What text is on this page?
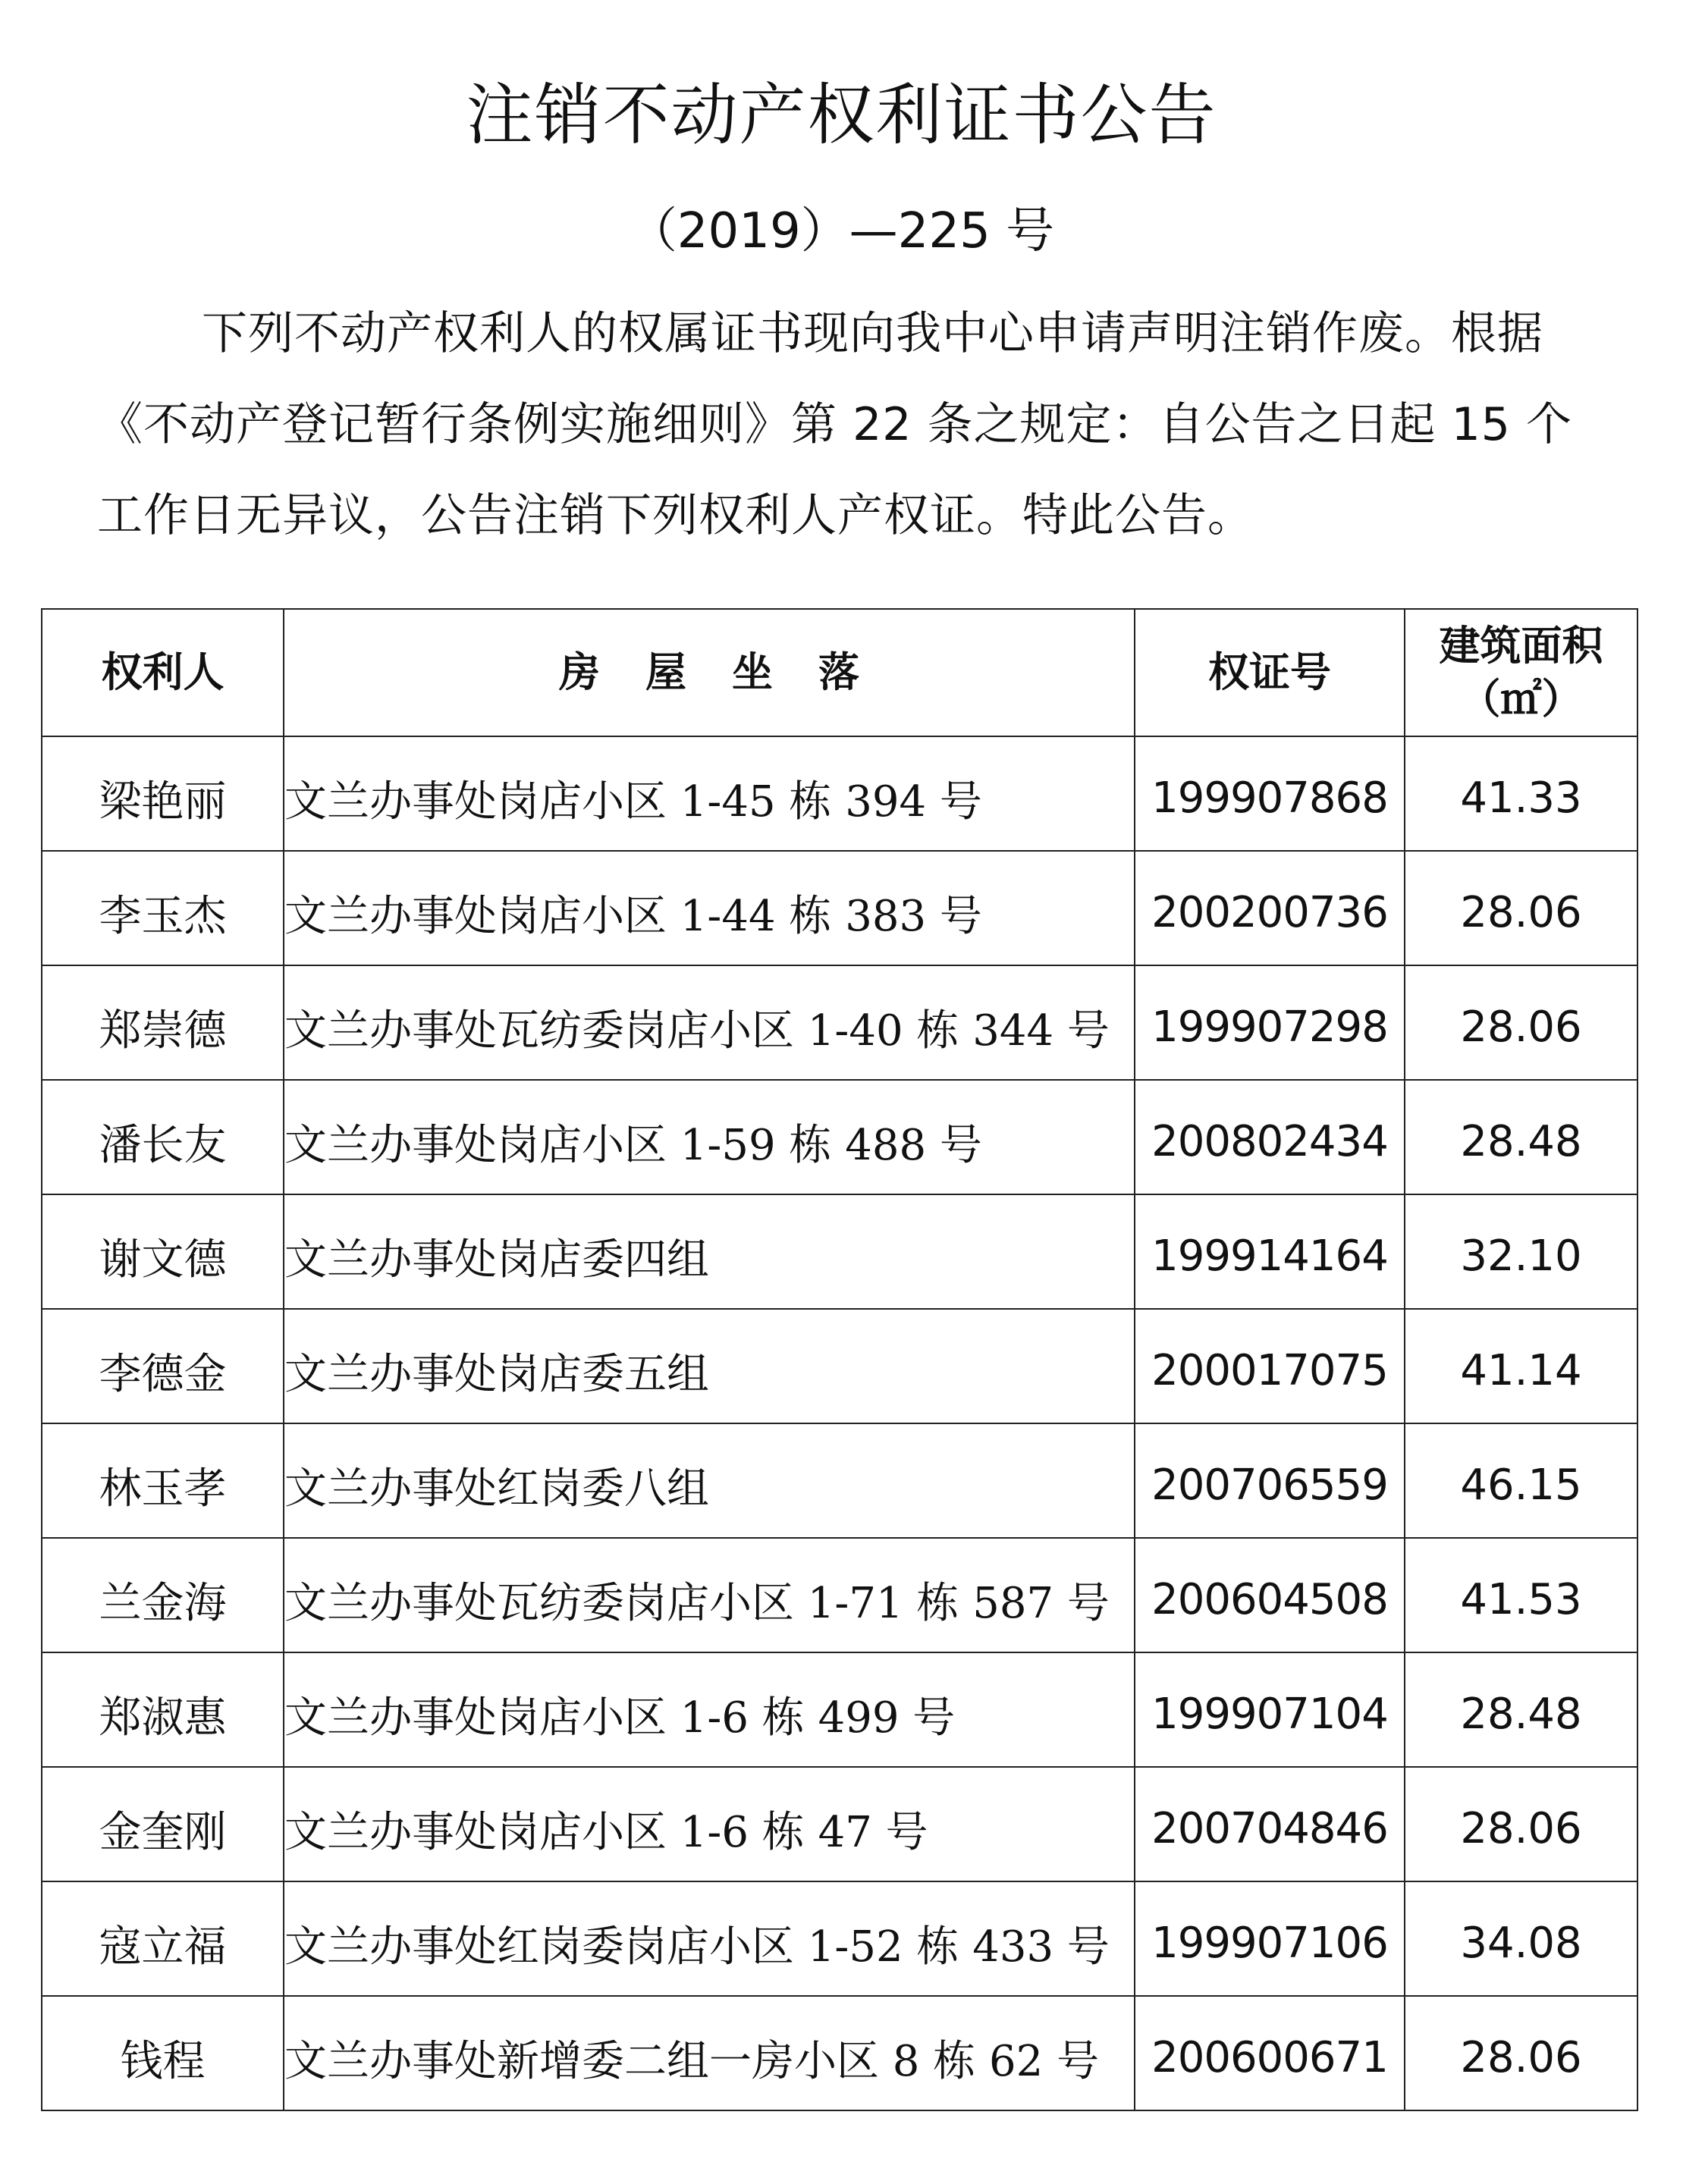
注销不动产权利证书公告
（2019）—225 号
下列不动产权利人的权属证书现向我中心申请声明注销作废。根据《不动产登记暂行条例实施细则》第 22 条之规定：自公告之日起 15 个工作日无异议，公告注销下列权利人产权证。特此公告。
权利人	房屋坐落	权证号	建筑面积
（㎡）

梁艳丽	文兰办事处岗店小区 1-45 栋 394 号	199907868	41.33
李玉杰	文兰办事处岗店小区 1-44 栋 383 号	200200736	28.06
郑崇德	文兰办事处瓦纺委岗店小区 1-40 栋 344 号	199907298	28.06
潘长友	文兰办事处岗店小区 1-59 栋 488 号	200802434	28.48
谢文德	文兰办事处岗店委四组	199914164	32.10
李德金	文兰办事处岗店委五组	200017075	41.14
林玉孝	文兰办事处红岗委八组	200706559	46.15
兰金海	文兰办事处瓦纺委岗店小区 1-71 栋 587 号	200604508	41.53
郑淑惠	文兰办事处岗店小区 1-6 栋 499 号	199907104	28.48
金奎刚	文兰办事处岗店小区 1-6 栋 47 号	200704846	28.06
寇立福	文兰办事处红岗委岗店小区 1-52 栋 433 号	199907106	34.08
钱程	文兰办事处新增委二组一房小区 8 栋 62 号	200600671	28.06
